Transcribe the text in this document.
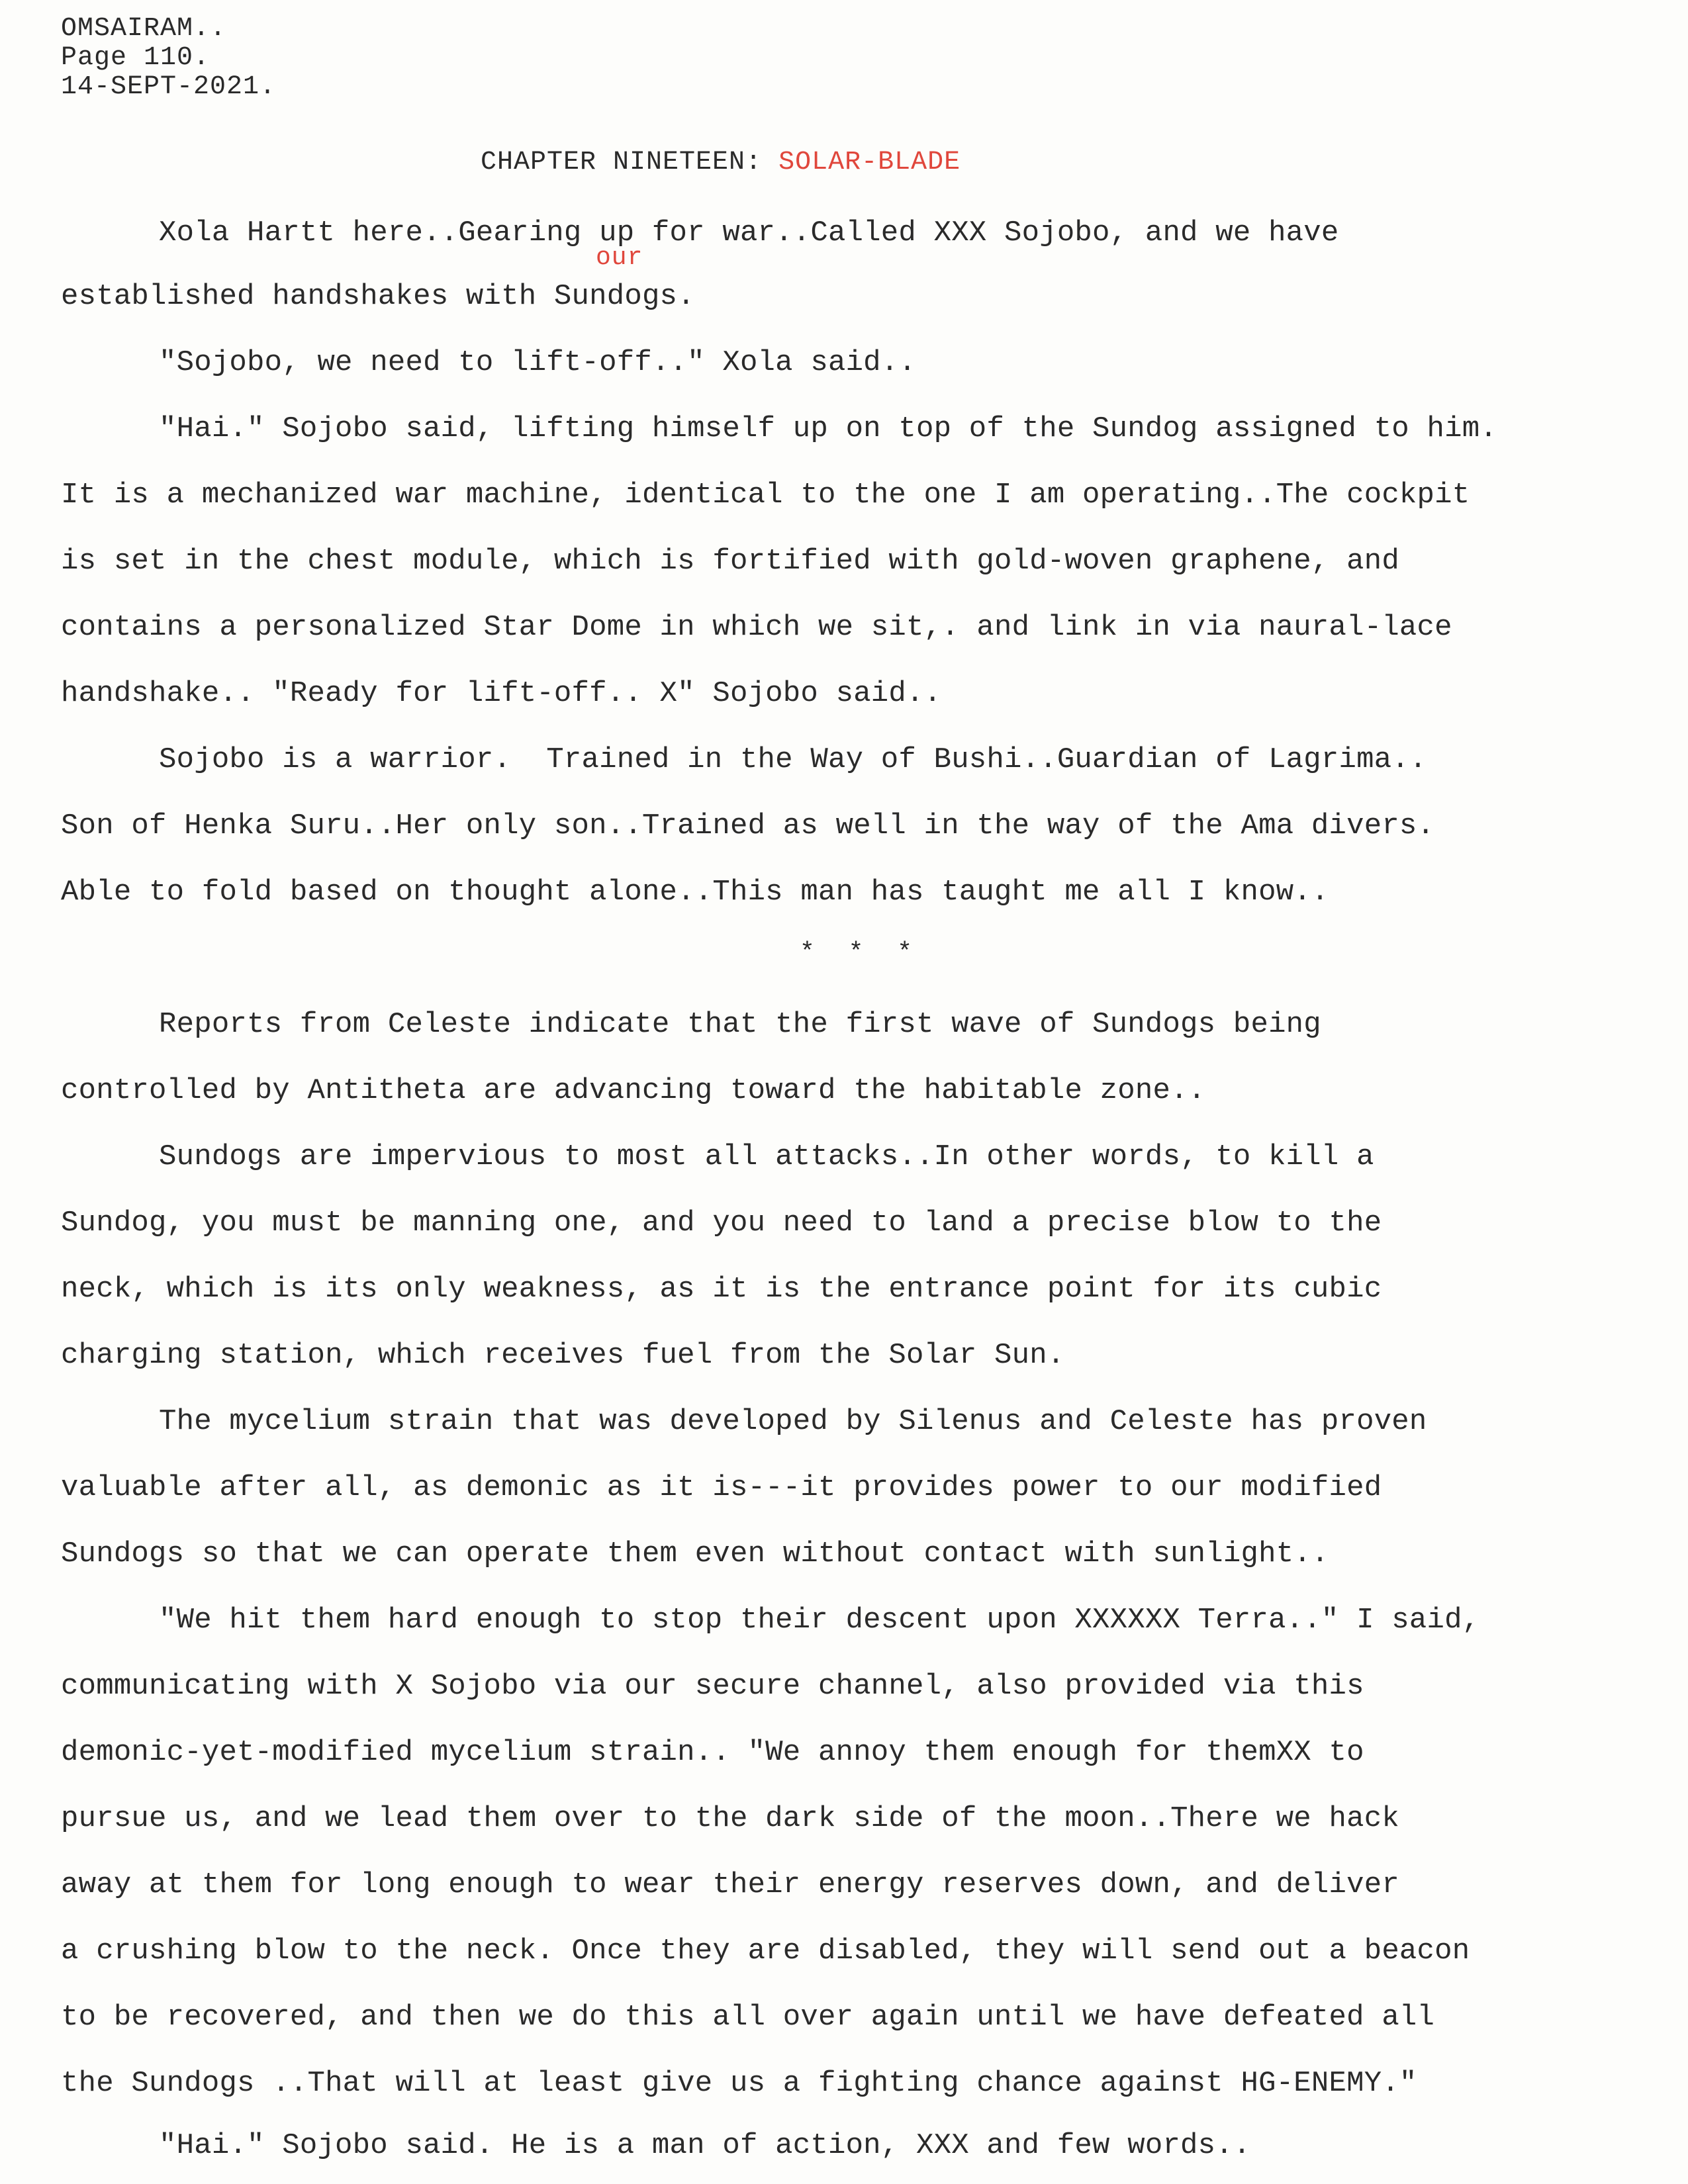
OMSAIRAM..
Page 110.
14-SEPT-2021.
CHAPTER NINETEEN: SOLAR-BLADE
our
Xola Hartt here..Gearing up for war..Called XXX Sojobo, and we have
established handshakes with Sundogs.
"Sojobo, we need to lift-off.." Xola said..
"Hai." Sojobo said, lifting himself up on top of the Sundog assigned to him.
It is a mechanized war machine, identical to the one I am operating..The cockpit
is set in the chest module, which is fortified with gold-woven graphene, and
contains a personalized Star Dome in which we sit,. and link in via naural-lace
handshake.. "Ready for lift-off.. X" Sojobo said..
Sojobo is a warrior.  Trained in the Way of Bushi..Guardian of Lagrima..
Son of Henka Suru..Her only son..Trained as well in the way of the Ama divers.
Able to fold based on thought alone..This man has taught me all I know..
* * *
Reports from Celeste indicate that the first wave of Sundogs being
controlled by Antitheta are advancing toward the habitable zone..
Sundogs are impervious to most all attacks..In other words, to kill a
Sundog, you must be manning one, and you need to land a precise blow to the
neck, which is its only weakness, as it is the entrance point for its cubic
charging station, which receives fuel from the Solar Sun.
The mycelium strain that was developed by Silenus and Celeste has proven
valuable after all, as demonic as it is---it provides power to our modified
Sundogs so that we can operate them even without contact with sunlight..
"We hit them hard enough to stop their descent upon XXXXXX Terra.." I said,
communicating with X Sojobo via our secure channel, also provided via this
demonic-yet-modified mycelium strain.. "We annoy them enough for themXX to
pursue us, and we lead them over to the dark side of the moon..There we hack
away at them for long enough to wear their energy reserves down, and deliver
a crushing blow to the neck. Once they are disabled, they will send out a beacon
to be recovered, and then we do this all over again until we have defeated all
the Sundogs ..That will at least give us a fighting chance against HG-ENEMY."
"Hai." Sojobo said. He is a man of action, XXX and few words..
